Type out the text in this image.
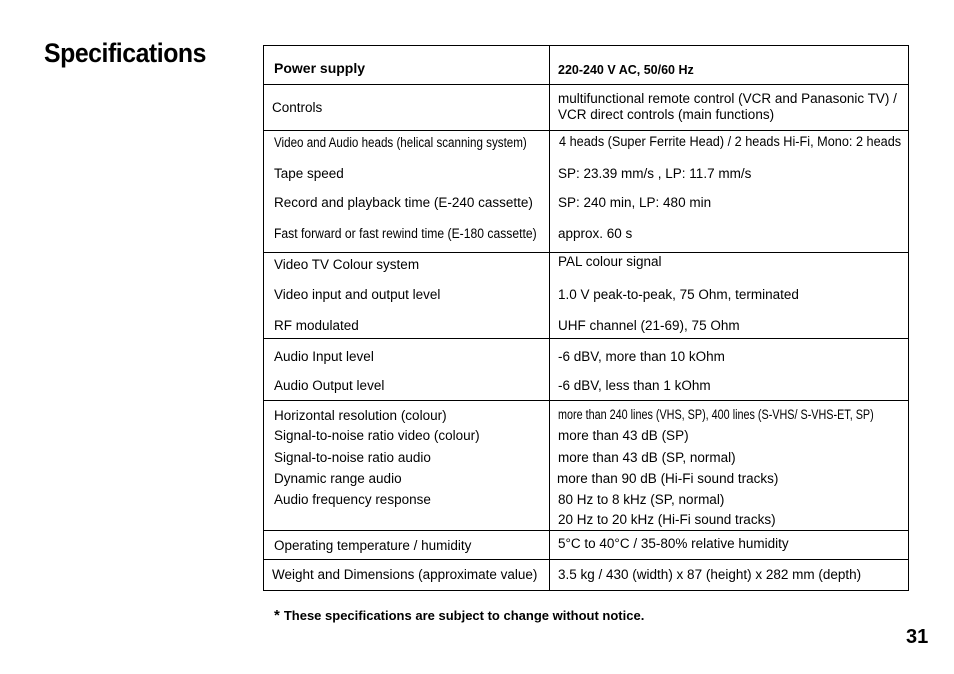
Specifications	Power supply	220-240 V AC, 50/60 Hz
Controls	multifunctional remote control (VCR and Panasonic TV) /
VCR direct controls (main functions)

Video and Audio heads (helical scanning system)	4 heads (Super Ferrite Head) / 2 heads Hi-Fi, Mono: 2 heads
Tape speed	SP: 23.39 mm/s , LP: 11.7 mm/s
Record and playback time (E-240 cassette)	SP: 240 min, LP: 480 min
Fast forward or fast rewind time (E-180 cassette)	approx. 60 s
Video TV Colour system	PAL colour signal
Video input and output level	1.0 V peak-to-peak, 75 Ohm, terminated
RF modulated	UHF channel (21-69), 75 Ohm
Audio Input level	-6 dBV, more than 10 kOhm
Audio Output level	-6 dBV, less than 1 kOhm
Horizontal resolution (colour)	more than 240 lines (VHS, SP), 400 lines (S-VHS/ S-VHS-ET, SP)
Signal-to-noise ratio video (colour)	more than 43 dB (SP)
Signal-to-noise ratio audio	more than 43 dB (SP, normal)
Dynamic range audio	more than 90 dB (Hi-Fi sound tracks)
Audio frequency response	80 Hz to 8 kHz (SP, normal)
20 Hz to 20 kHz (Hi-Fi sound tracks)

Operating temperature / humidity	5°C to 40°C / 35-80% relative humidity
Weight and Dimensions (approximate value)	3.5 kg / 430 (width) x 87 (height) x 282 mm (depth)
* These specifications are subject to change without notice.
31
